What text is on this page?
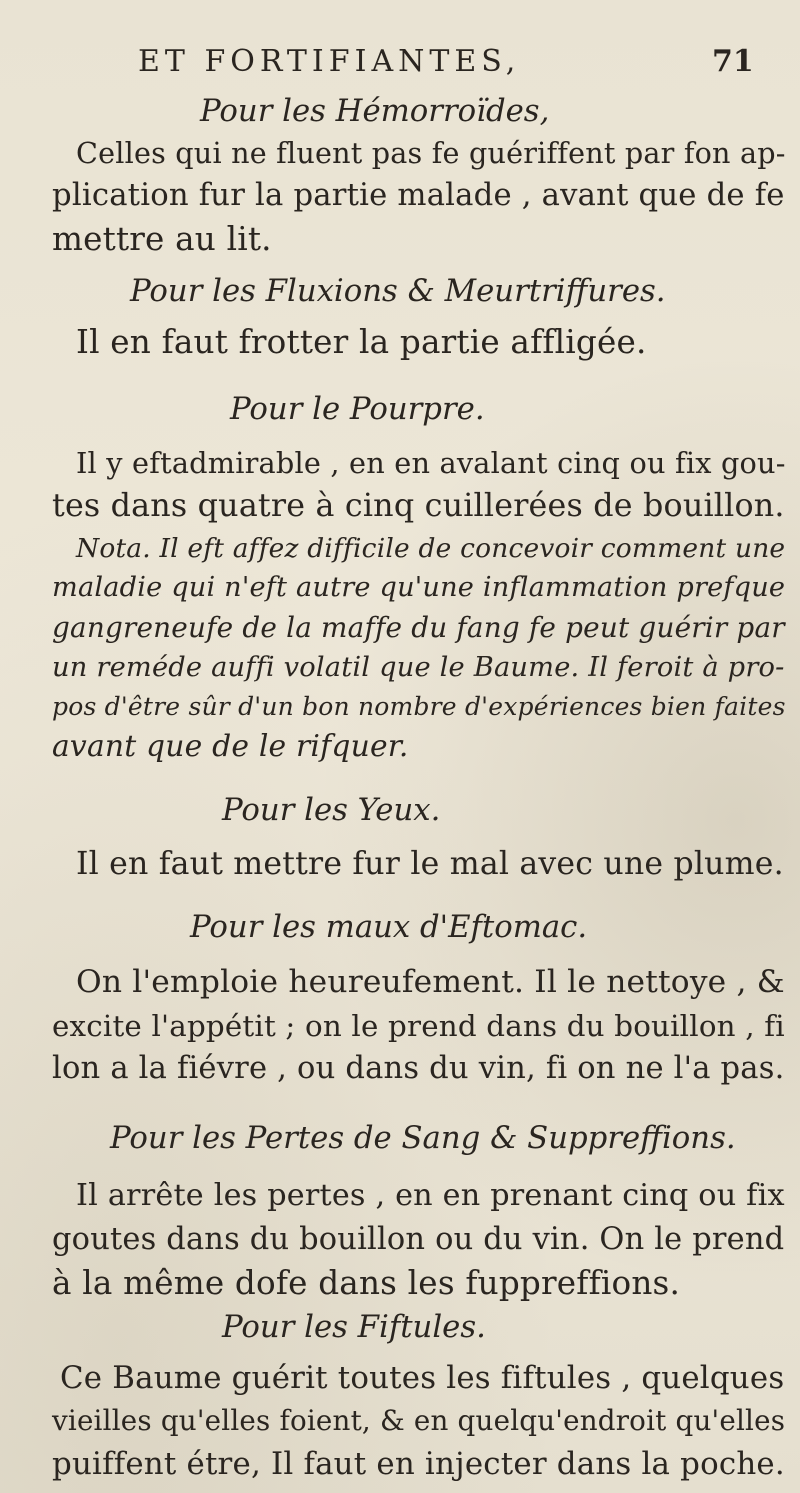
ET FORTIFIANTES,	71
Pour les Hémorroïdes,
Celles qui ne fluent pas fe guériffent par fon ap-
plication fur la partie malade , avant que de fe
mettre au lit.
Pour les Fluxions & Meurtriffures.
Il en faut frotter la partie affligée.
Pour le Pourpre.
Il y eftadmirable , en en avalant cinq ou fix gou-
tes dans quatre à cinq cuillerées de bouillon.
Nota. Il eft affez difficile de concevoir comment une
maladie qui n'eft autre qu'une inflammation prefque
gangreneufe de la maffe du fang fe peut guérir par
un reméde auffi volatil que le Baume. Il feroit à pro-
pos d'être sûr d'un bon nombre d'expériences bien faites
avant que de le rifquer.
Pour les Yeux.
Il en faut mettre fur le mal avec une plume.
Pour les maux d'Eftomac.
On l'emploie heureufement. Il le nettoye , &
excite l'appétit ; on le prend dans du bouillon , fi
lon a la fiévre , ou dans du vin, fi on ne l'a pas.
Pour les Pertes de Sang & Suppreffions.
Il arrête les pertes , en en prenant cinq ou fix
goutes dans du bouillon ou du vin. On le prend
à la même dofe dans les fuppreffions.
Pour les Fiftules.
Ce Baume guérit toutes les fiftules , quelques
vieilles qu'elles foient, & en quelqu'endroit qu'elles
puiffent étre, Il faut en injecter dans la poche.
